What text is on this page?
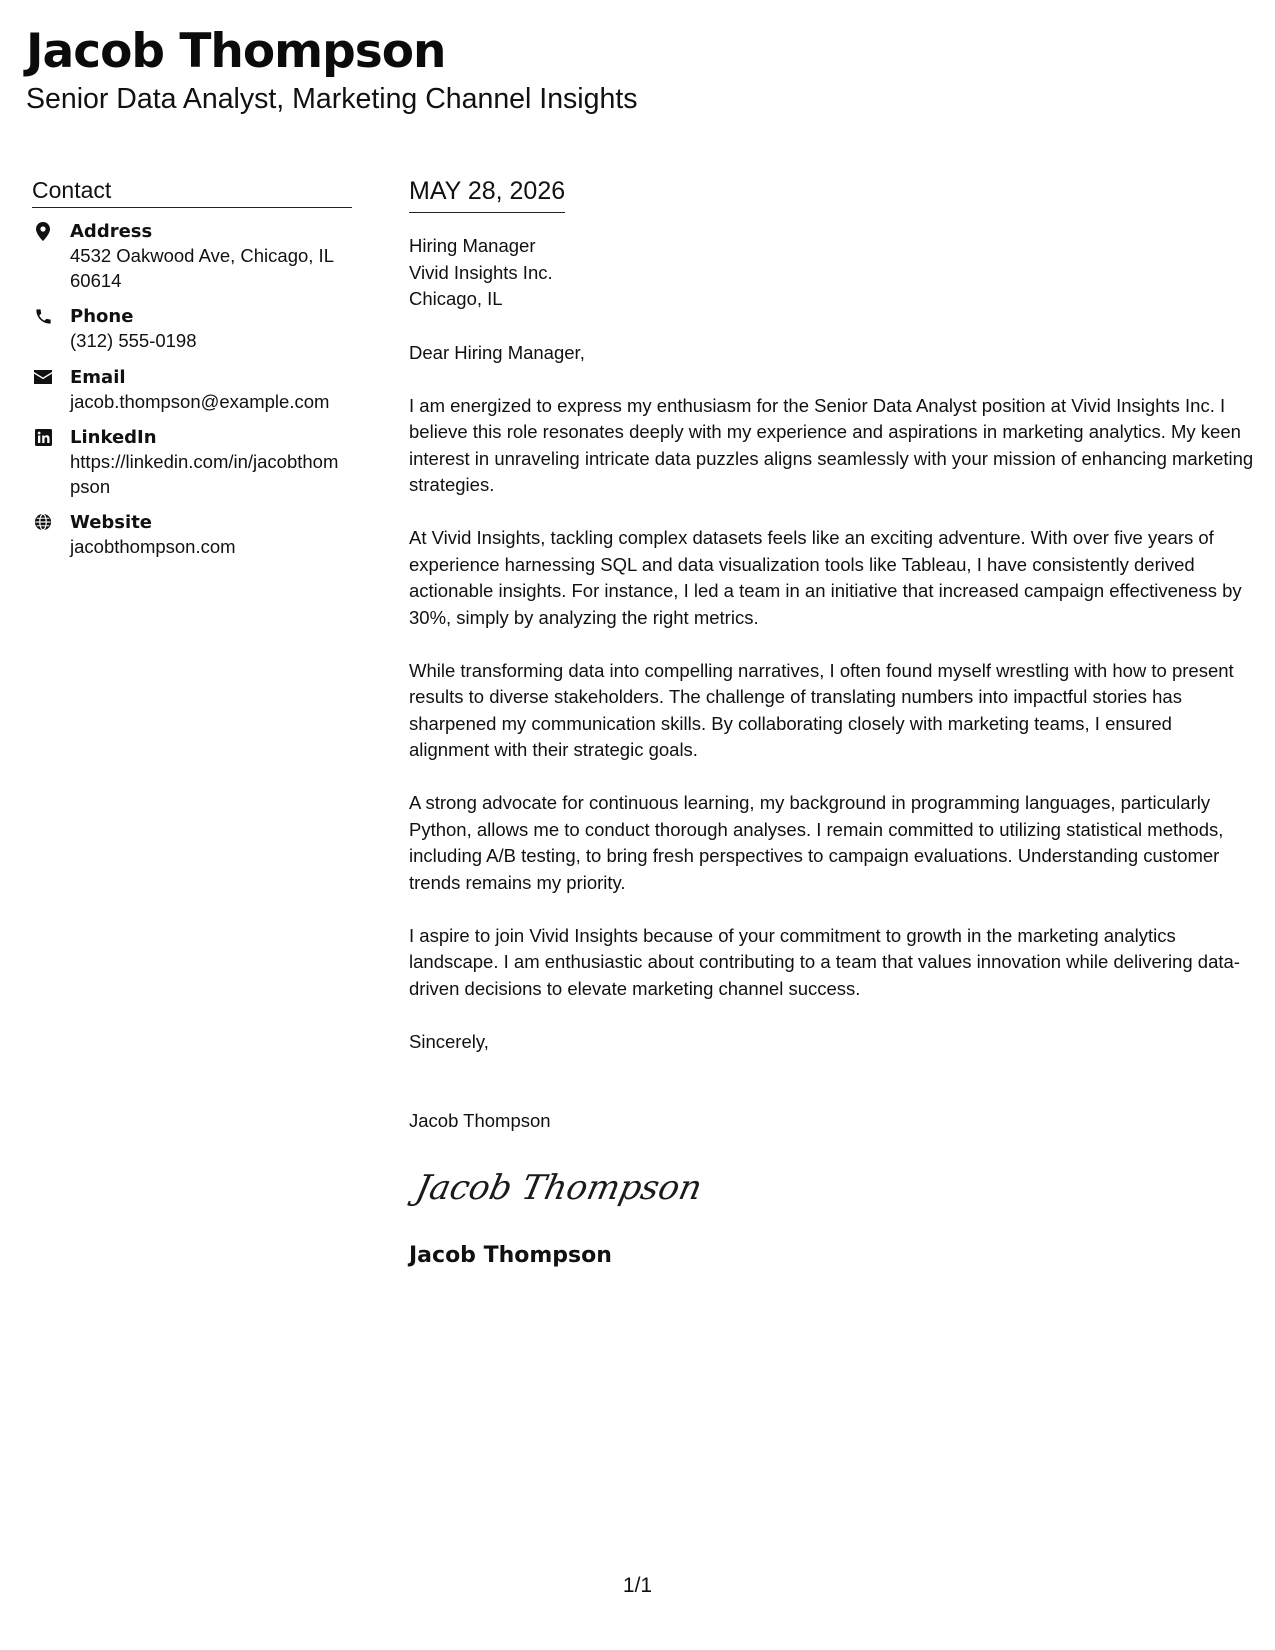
Jacob Thompson

Senior Data Analyst, Marketing Channel Insights

Contact
Address
4532 Oakwood Ave, Chicago, IL 60614
Phone
(312) 555-0198
Email
jacob.thompson@example.com
LinkedIn
https://linkedin.com/in/jacobthompson
Website
jacobthompson.com
MAY 28, 2026
Hiring Manager
Vivid Insights Inc.
Chicago, IL
Dear Hiring Manager,
I am energized to express my enthusiasm for the Senior Data Analyst position at Vivid Insights Inc. I believe this role resonates deeply with my experience and aspirations in marketing analytics. My keen interest in unraveling intricate data puzzles aligns seamlessly with your mission of enhancing marketing strategies.
At Vivid Insights, tackling complex datasets feels like an exciting adventure. With over five years of experience harnessing SQL and data visualization tools like Tableau, I have consistently derived actionable insights. For instance, I led a team in an initiative that increased campaign effectiveness by 30%, simply by analyzing the right metrics.
While transforming data into compelling narratives, I often found myself wrestling with how to present results to diverse stakeholders. The challenge of translating numbers into impactful stories has sharpened my communication skills. By collaborating closely with marketing teams, I ensured alignment with their strategic goals.
A strong advocate for continuous learning, my background in programming languages, particularly Python, allows me to conduct thorough analyses. I remain committed to utilizing statistical methods, including A/B testing, to bring fresh perspectives to campaign evaluations. Understanding customer trends remains my priority.
I aspire to join Vivid Insights because of your commitment to growth in the marketing analytics landscape. I am enthusiastic about contributing to a team that values innovation while delivering data-driven decisions to elevate marketing channel success.
Sincerely,
Jacob Thompson
Jacob Thompson
Jacob Thompson
1/1
